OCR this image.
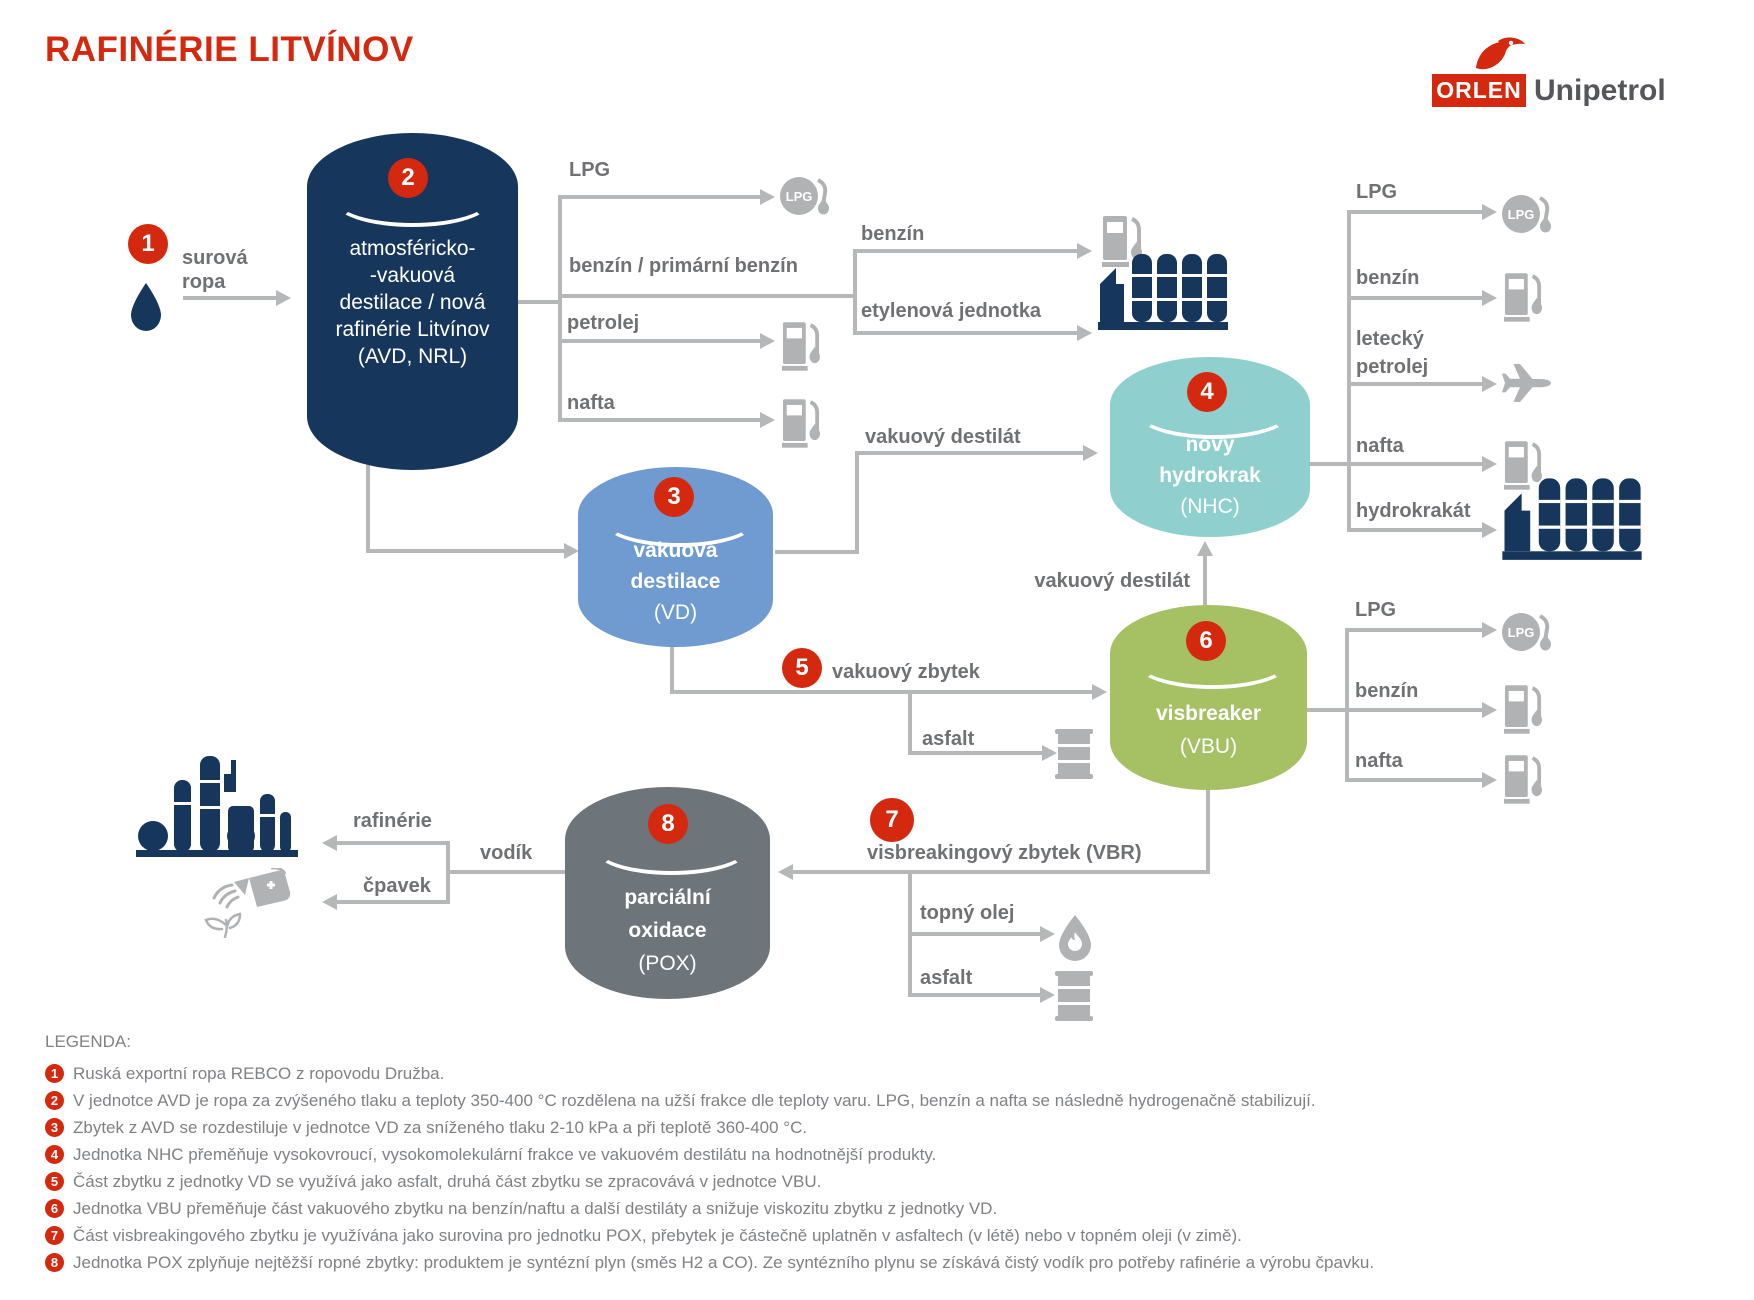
RAFINÉRIE LITVÍNOV
ORLEN Unipetrol
LPG
LPG
LPG
2
atmosféricko-
-vakuová
destilace / nová
rafinérie Litvínov
(AVD, NRL)
3
vakuová
destilace
(VD)
4
nový
hydrokrak
(NHC)
6
visbreaker
(VBU)
8
parciální
oxidace
(POX)
1
5
7
surová ropa
LPG
benzín / primární benzín
benzín
etylenová jednotka
petrolej
nafta
vakuový destilát
LPG
benzín
letecký
petrolej
nafta
hydrokrakát
vakuový destilát
vakuový zbytek
asfalt
LPG
benzín
nafta
visbreakingový zbytek (VBR)
topný olej
asfalt
vodík
rafinérie
čpavek
LEGENDA:
1 Ruská exportní ropa REBCO z ropovodu Družba.
2 V jednotce AVD je ropa za zvýšeného tlaku a teploty 350-400 °C rozdělena na užší frakce dle teploty varu. LPG, benzín a nafta se následně hydrogenačně stabilizují.
3 Zbytek z AVD se rozdestiluje v jednotce VD za sníženého tlaku 2-10 kPa a při teplotě 360-400 °C.
4 Jednotka NHC přeměňuje vysokovroucí, vysokomolekulární frakce ve vakuovém destilátu na hodnotnější produkty.
5 Část zbytku z jednotky VD se využívá jako asfalt, druhá část zbytku se zpracovává v jednotce VBU.
6 Jednotka VBU přeměňuje část vakuového zbytku na benzín/naftu a další destiláty a snižuje viskozitu zbytku z jednotky VD.
7 Část visbreakingového zbytku je využívána jako surovina pro jednotku POX, přebytek je částečně uplatněn v asfaltech (v létě) nebo v topném oleji (v zimě).
8 Jednotka POX zplyňuje nejtěžší ropné zbytky: produktem je syntézní plyn (směs H2 a CO). Ze syntézního plynu se získává čistý vodík pro potřeby rafinérie a výrobu čpavku.
